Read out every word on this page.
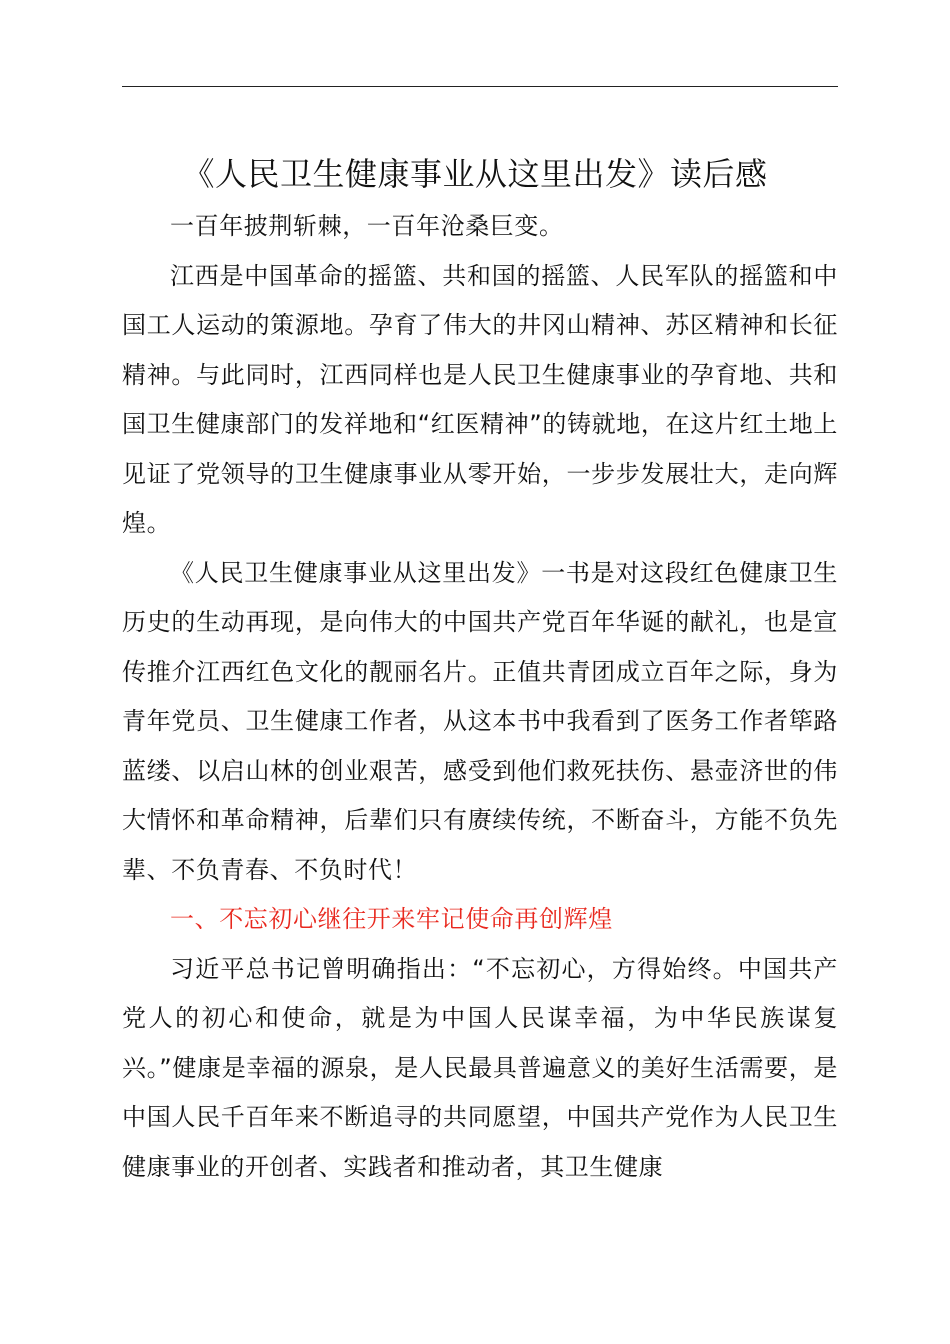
《人民卫生健康事业从这里出发》读后感

一百年披荆斩棘，一百年沧桑巨变。

江西是中国革命的摇篮、共和国的摇篮、人民军队的摇篮和中国工人运动的策源地。孕育了伟大的井冈山精神、苏区精神和长征精神。与此同时，江西同样也是人民卫生健康事业的孕育地、共和国卫生健康部门的发祥地和“红医精神”的铸就地，在这片红土地上见证了党领导的卫生健康事业从零开始，一步步发展壮大，走向辉煌。

《人民卫生健康事业从这里出发》一书是对这段红色健康卫生历史的生动再现，是向伟大的中国共产党百年华诞的献礼，也是宣传推介江西红色文化的靓丽名片。正值共青团成立百年之际，身为青年党员、卫生健康工作者，从这本书中我看到了医务工作者筚路蓝缕、以启山林的创业艰苦，感受到他们救死扶伤、悬壶济世的伟大情怀和革命精神，后辈们只有赓续传统，不断奋斗，方能不负先辈、不负青春、不负时代！

一、不忘初心继往开来牢记使命再创辉煌

习近平总书记曾明确指出：“不忘初心，方得始终。中国共产党人的初心和使命，就是为中国人民谋幸福，为中华民族谋复兴。”健康是幸福的源泉，是人民最具普遍意义的美好生活需要，是中国人民千百年来不断追寻的共同愿望，中国共产党作为人民卫生健康事业的开创者、实践者和推动者，其卫生健康
